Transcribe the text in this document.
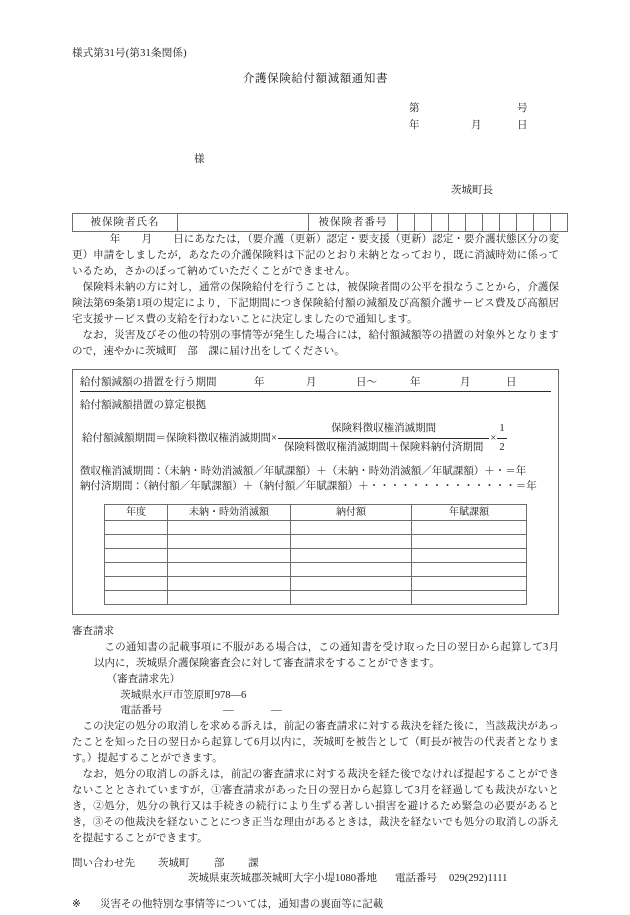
様式第31号(第31条関係)
介護保険給付額減額通知書
第	号
年	月	日
様
茨城町長
被保険者氏名		被保険者番号										

年　　月　　日にあなたは，（要介護（更新）認定・要支援（更新）認定・要介護状態区分の変更）申請をしましたが，あなたの介護保険料は下記のとおり未納となっており，既に消滅時効に係っているため，さかのぼって納めていただくことができません。

保険料未納の方に対し，通常の保険給付を行うことは，被保険者間の公平を損なうことから，介護保険法第69条第1項の規定により，下記期間につき保険給付額の減額及び高額介護サービス費及び高額居宅支援サービス費の支給を行わないことに決定しましたので通知します。

なお，災害及びその他の特別の事情等が発生した場合には，給付額減額等の措置の対象外となりますので，速やかに茨城町　部　課に届け出をしてください。

給付額減額の措置を行う期間	年	月	日〜	年	月	日
給付額減額措置の算定根拠
給付額減額期間＝保険料徴収権消滅期間× $\frac{\text{保険料徴収権消滅期間}}{\text{保険料徴収権消滅期間＋保険料納付済期間}} \times \frac{1}{2}$
徴収権消滅期間：（未納・時効消滅額／年賦課額）＋（未納・時効消滅額／年賦課額）＋・＝年
納付済期間：（納付額／年賦課額）＋（納付額／年賦課額）＋・・・・・・・・・・・・・・＝年
年度	未納・時効消滅額	納付額	年賦課額

審査請求

この通知書の記載事項に不服がある場合は，この通知書を受け取った日の翌日から起算して3月以内に，茨城県介護保険審査会に対して審査請求をすることができます。

（審査請求先）
茨城県水戸市笠原町978—6
電話番号	—	—

この決定の処分の取消しを求める訴えは，前記の審査請求に対する裁決を経た後に，当該裁決があったことを知った日の翌日から起算して6月以内に，茨城町を被告として（町長が被告の代表者となります。）提起することができます。

なお，処分の取消しの訴えは，前記の審査請求に対する裁決を経た後でなければ提起することができないこととされていますが，①審査請求があった日の翌日から起算して3月を経過しても裁決がないとき，②処分，処分の執行又は手続きの続行により生ずる著しい損害を避けるため緊急の必要があるとき，③その他裁決を経ないことにつき正当な理由があるときは，裁決を経ないでも処分の取消しの訴えを提起することができます。

問い合わせ先	茨城町	部	課
茨城県東茨城郡茨城町大字小堤1080番地 電話番号 029(292)1111
※	災害その他特別な事情等については，通知書の裏面等に記載
